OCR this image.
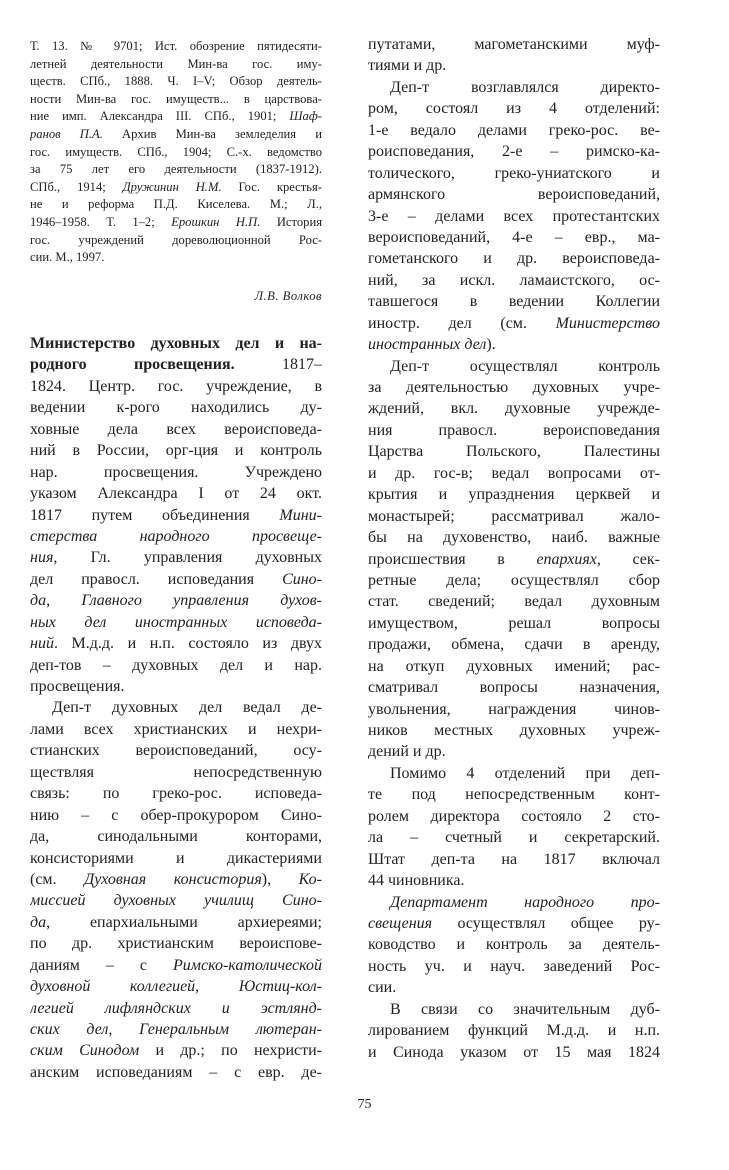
Т. 13. № 9701; Ист. обозрение пятидесяти-
летней деятельности Мин-ва гос. иму-
ществ. СПб., 1888. Ч. I–V; Обзор деятель-
ности Мин-ва гос. имуществ... в царствова-
ние имп. Александра III. СПб., 1901; Шаф-
ранов П.А. Архив Мин-ва земледелия и
гос. имуществ. СПб., 1904; С.-х. ведомство
за 75 лет его деятельности (1837-1912).
СПб., 1914; Дружинин Н.М. Гос. крестья-
не и реформа П.Д. Киселева. М.; Л.,
1946–1958. Т. 1–2; Ерошкин Н.П. История
гос. учреждений дореволюционной Рос-
сии. М., 1997.
Л.В. Волков
Министерство духовных дел и на-
родного просвещения. 1817–
1824. Центр. гос. учреждение, в
ведении к-рого находились ду-
ховные дела всех вероисповеда-
ний в России, орг-ция и контроль
нар. просвещения. Учреждено
указом Александра I от 24 окт.
1817 путем объединения Мини-
стерства народного просвеще-
ния, Гл. управления духовных
дел правосл. исповедания Сино-
да, Главного управления духов-
ных дел иностранных исповеда-
ний. М.д.д. и н.п. состояло из двух
деп-тов – духовных дел и нар.
просвещения.
Деп-т духовных дел ведал де-
лами всех христианских и нехри-
стианских вероисповеданий, осу-
ществляя непосредственную
связь: по греко-рос. исповеда-
нию – с обер-прокурором Сино-
да, синодальными конторами,
консисториями и дикастериями
(см. Духовная консистория), Ко-
миссией духовных училищ Сино-
да, епархиальными архиереями;
по др. христианским вероиспове-
даниям – с Римско-католической
духовной коллегией, Юстиц-кол-
легией лифляндских и эстлянд-
ских дел, Генеральным лютеран-
ским Синодом и др.; по нехристи-
анским исповеданиям – с евр. де-
путатами, магометанскими муф-
тиями и др.
Деп-т возглавлялся директо-
ром, состоял из 4 отделений:
1-е ведало делами греко-рос. ве-
роисповедания, 2-е – римско-ка-
толического, греко-униатского и
армянского вероисповеданий,
3-е – делами всех протестантских
вероисповеданий, 4-е – евр., ма-
гометанского и др. вероисповеда-
ний, за искл. ламаистского, ос-
тавшегося в ведении Коллегии
иностр. дел (см. Министерство
иностранных дел).
Деп-т осуществлял контроль
за деятельностью духовных учре-
ждений, вкл. духовные учрежде-
ния правосл. вероисповедания
Царства Польского, Палестины
и др. гос-в; ведал вопросами от-
крытия и упразднения церквей и
монастырей; рассматривал жало-
бы на духовенство, наиб. важные
происшествия в епархиях, сек-
ретные дела; осуществлял сбор
стат. сведений; ведал духовным
имуществом, решал вопросы
продажи, обмена, сдачи в аренду,
на откуп духовных имений; рас-
сматривал вопросы назначения,
увольнения, награждения чинов-
ников местных духовных учреж-
дений и др.
Помимо 4 отделений при деп-
те под непосредственным конт-
ролем директора состояло 2 сто-
ла – счетный и секретарский.
Штат деп-та на 1817 включал
44 чиновника.
Департамент народного про-
свещения осуществлял общее ру-
ководство и контроль за деятель-
ность уч. и науч. заведений Рос-
сии.
В связи со значительным дуб-
лированием функций М.д.д. и н.п.
и Синода указом от 15 мая 1824
75
